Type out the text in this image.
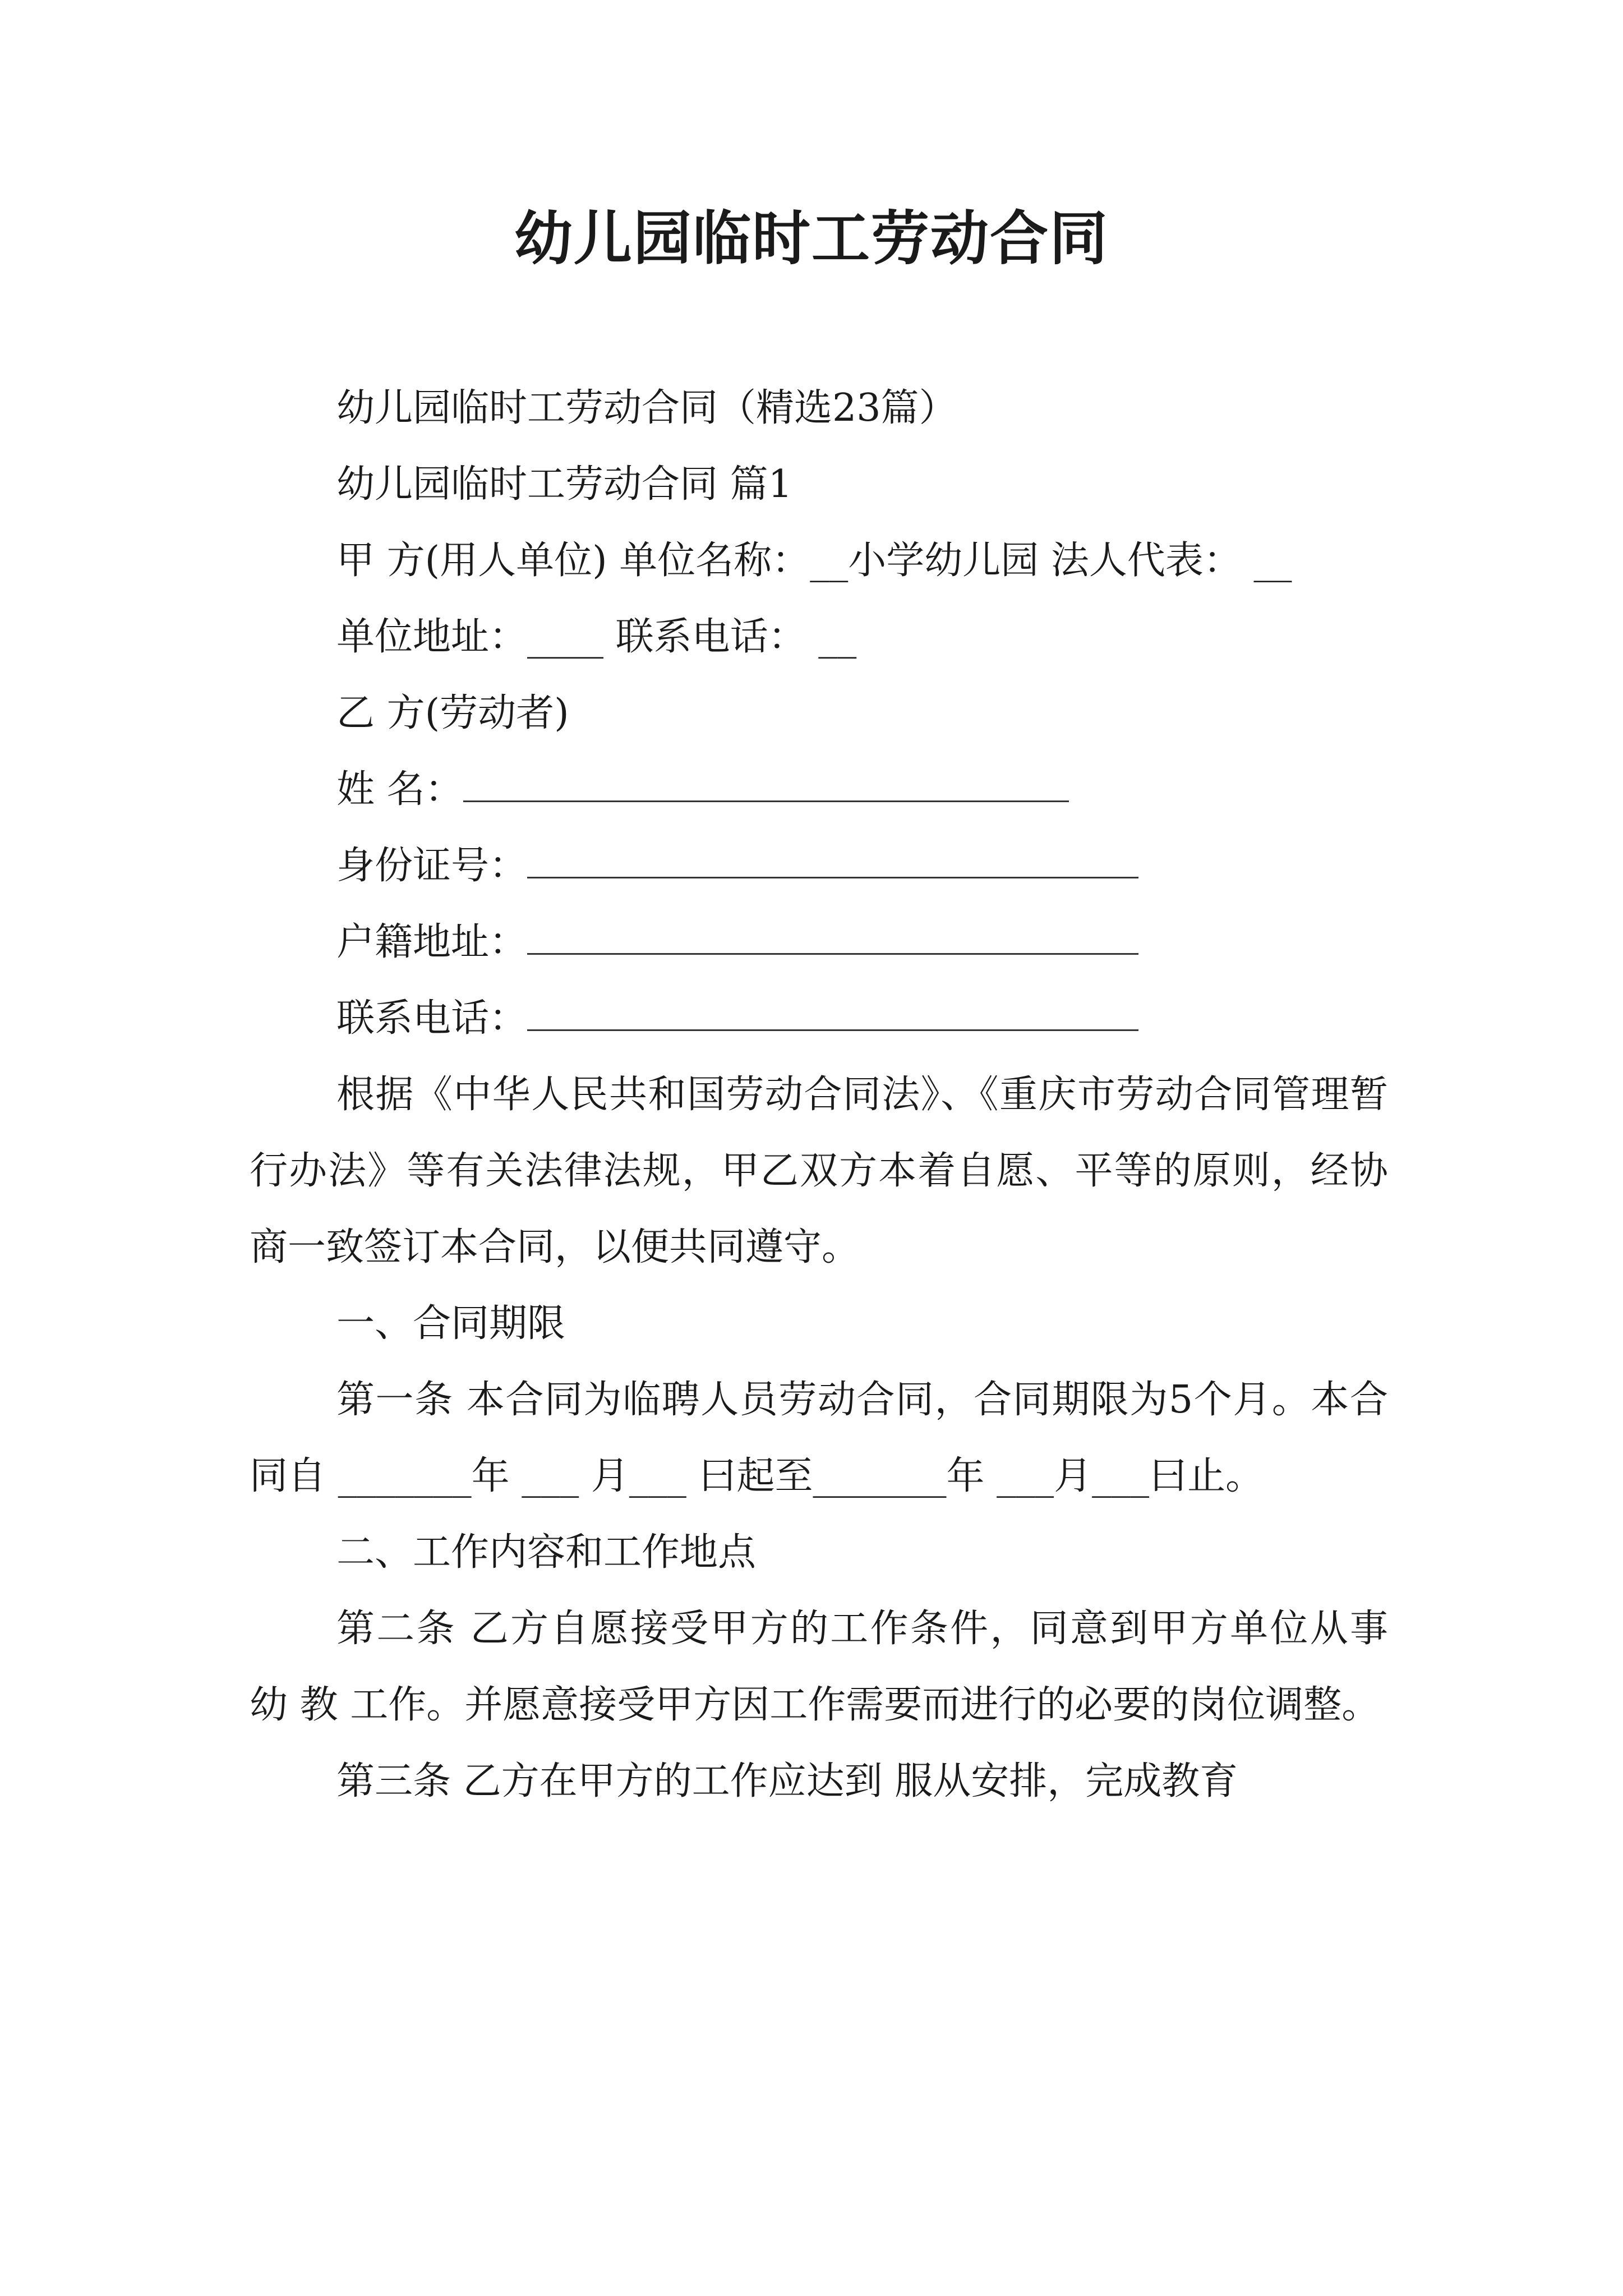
幼儿园临时工劳动合同

幼儿园临时工劳动合同（精选23篇）

幼儿园临时工劳动合同 篇1

甲 方(用人单位) 单位名称：__小学幼儿园 法人代表： __

单位地址：____ 联系电话： __

乙 方(劳动者)

姓 名：

身份证号：

户籍地址：

联系电话：

根据《中华人民共和国劳动合同法》、《重庆市劳动合同管理暂行办法》等有关法律法规，甲乙双方本着自愿、平等的原则，经协商一致签订本合同，以便共同遵守。

一、合同期限

第一条 本合同为临聘人员劳动合同，合同期限为5个月。本合同自 _______年 ___ 月___ 曰起至_______年 ___月___曰止。

二、工作内容和工作地点

第二条 乙方自愿接受甲方的工作条件，同意到甲方单位从事 幼 教 工作。并愿意接受甲方因工作需要而进行的必要的岗位调整。

第三条 乙方在甲方的工作应达到 服从安排，完成教育
